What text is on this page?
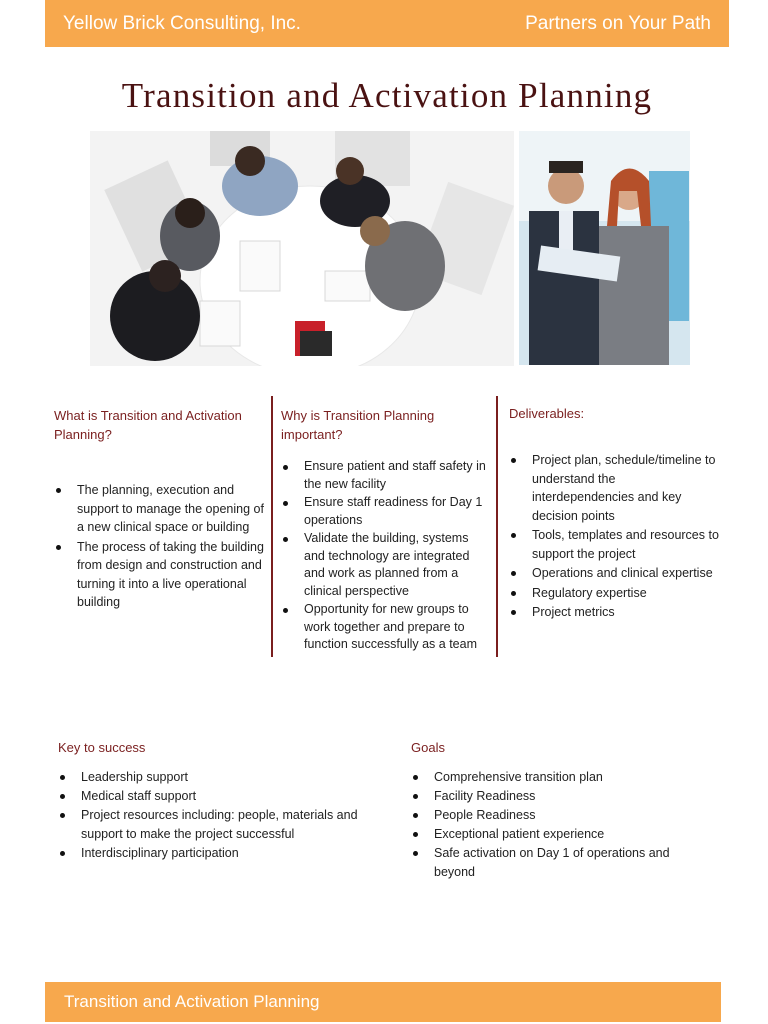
Yellow Brick Consulting, Inc.	Partners on Your Path
Transition and Activation Planning
What is Transition and Activation Planning?
The planning, execution and support to manage the opening of a new clinical space or building
The process of taking the building from design and construction and turning it into a live operational building
Why is Transition Planning important?
Ensure patient and staff safety in the new facility
Ensure staff readiness for Day 1 operations
Validate the building, systems and technology are integrated and work as planned from a clinical perspective
Opportunity for new groups to work together and prepare to function successfully as a team
Deliverables:
Project plan, schedule/timeline to understand the interdependencies and key decision points
Tools, templates and resources to support the project
Operations and clinical expertise
Regulatory expertise
Project metrics
Key to success
Leadership support
Medical staff support
Project resources including: people, materials and support to make the project successful
Interdisciplinary participation
Goals
Comprehensive transition plan
Facility Readiness
People Readiness
Exceptional patient experience
Safe activation on Day 1 of operations and beyond
Transition and Activation Planning
